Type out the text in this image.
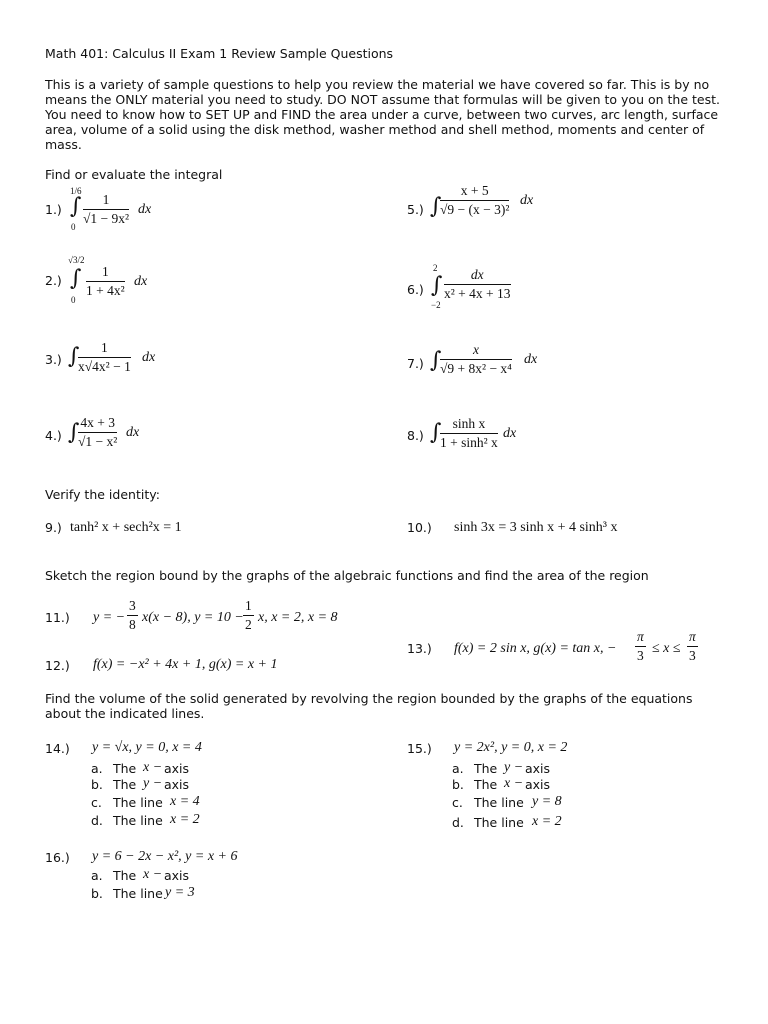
Math 401: Calculus II Exam 1 Review Sample Questions
This is a variety of sample questions to help you review the material we have covered so far. This is by no
means the ONLY material you need to study. DO NOT assume that formulas will be given to you on the test.
You need to know how to SET UP and FIND the area under a curve, between two curves, arc length, surface
area, volume of a solid using the disk method, washer method and shell method, moments and center of
mass.
Find or evaluate the integral
1.)
1/6
∫
$0 \frac{1}{\text{√1 − 9x²}}$ dx
2.)
√3/2
∫
0
$\frac{1}{\text{1 + 4x²}}$ dx
3.) ∫
$\frac{1}{\text{x√4x² − 1}}$ dx
4.) ∫
$\frac{4x + 3}{\text{√1 − x²}}$ dx
5.) ∫
$\frac{x + 5}{\text{√9 − (x − 3)²}}$ dx
6.)
2
∫
−2
$\frac{dx}{\text{x² + 4x + 13}}$
7.) ∫
$\frac{x}{\text{√9 + 8x² − x⁴}}$ dx
8.) ∫
$\frac{\text{sinh x}}{\text{1 + sinh² x}}$ dx
Verify the identity:
9.) tanh² x + sech²x = 1	10.) sinh 3x = 3 sinh x + 4 sinh³ x
Sketch the region bound by the graphs of the algebraic functions and find the area of the region
11.) y = − $\frac{3}{8} x(x - 8)$, $y = 10 - \frac{1}{2} x$, x = 2, x = 8
12.) f(x) = −x² + 4x + 1, g(x) = x + 1
13.) f(x) = 2 sin x, g(x) = tan x, − $\frac{\pi}{3} \le x \le \frac{\pi}{3}$
Find the volume of the solid generated by revolving the region bounded by the graphs of the equations
about the indicated lines.
14.) y = √x, y = 0, x = 4
a. The x − axis
b. The y − axis
c. The line x = 4
d. The line x = 2
15.) y = 2x², y = 0, x = 2
a. The y − axis
b. The x − axis
c. The line y = 8
d. The line x = 2
16.) y = 6 − 2x − x², y = x + 6
a. The x − axis
b. The line y = 3
